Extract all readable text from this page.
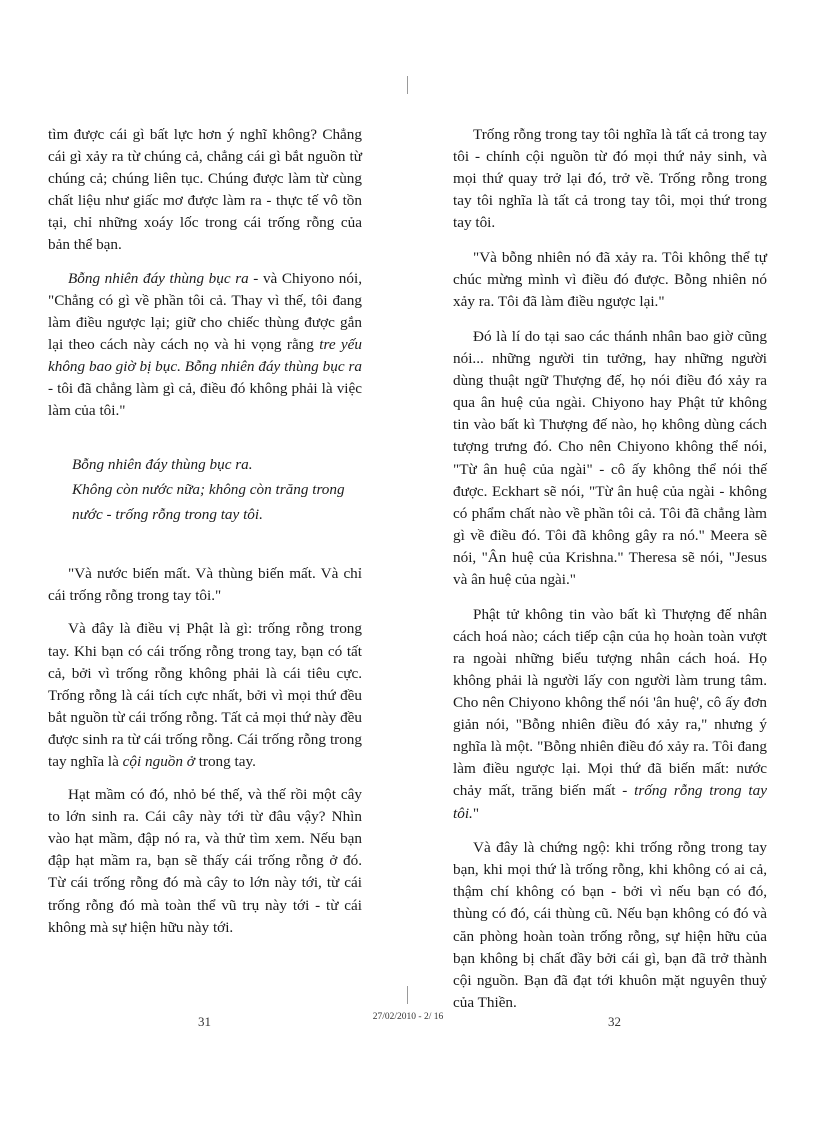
tìm được cái gì bất lực hơn ý nghĩ không? Chẳng cái gì xảy ra từ chúng cả, chẳng cái gì bắt nguồn từ chúng cả; chúng liên tục. Chúng được làm từ cùng chất liệu như giấc mơ được làm ra - thực tế vô tồn tại, chỉ những xoáy lốc trong cái trống rỗng của bản thể bạn.

Bỗng nhiên đáy thùng bục ra - và Chiyono nói, "Chẳng có gì về phần tôi cả. Thay vì thế, tôi đang làm điều ngược lại; giữ cho chiếc thùng được gắn lại theo cách này cách nọ và hi vọng rằng tre yếu không bao giờ bị bục. Bỗng nhiên đáy thùng bục ra - tôi đã chẳng làm gì cả, điều đó không phải là việc làm của tôi."

Bỗng nhiên đáy thùng bục ra.
Không còn nước nữa; không còn trăng trong
nước - trống rỗng trong tay tôi.

"Và nước biến mất. Và thùng biến mất. Và chỉ cái trống rỗng trong tay tôi."

Và đây là điều vị Phật là gì: trống rỗng trong tay. Khi bạn có cái trống rỗng trong tay, bạn có tất cả, bởi vì trống rỗng không phải là cái tiêu cực. Trống rỗng là cái tích cực nhất, bởi vì mọi thứ đều bắt nguồn từ cái trống rỗng. Tất cả mọi thứ này đều được sinh ra từ cái trống rỗng. Cái trống rỗng trong tay nghĩa là cội nguồn ở trong tay.

Hạt mầm có đó, nhỏ bé thế, và thế rồi một cây to lớn sinh ra. Cái cây này tới từ đâu vậy? Nhìn vào hạt mầm, đập nó ra, và thử tìm xem. Nếu bạn đập hạt mầm ra, bạn sẽ thấy cái trống rỗng ở đó. Từ cái trống rỗng đó mà cây to lớn này tới, từ cái trống rỗng đó mà toàn thể vũ trụ này tới - từ cái không mà sự hiện hữu này tới.

Trống rỗng trong tay tôi nghĩa là tất cả trong tay tôi - chính cội nguồn từ đó mọi thứ nảy sinh, và mọi thứ quay trở lại đó, trở về. Trống rỗng trong tay tôi nghĩa là tất cả trong tay tôi, mọi thứ trong tay tôi.

"Và bỗng nhiên nó đã xảy ra. Tôi không thể tự chúc mừng mình vì điều đó được. Bỗng nhiên nó xảy ra. Tôi đã làm điều ngược lại."

Đó là lí do tại sao các thánh nhân bao giờ cũng nói... những người tin tưởng, hay những người dùng thuật ngữ Thượng đế, họ nói điều đó xảy ra qua ân huệ của ngài. Chiyono hay Phật tử không tin vào bất kì Thượng đế nào, họ không dùng cách tượng trưng đó. Cho nên Chiyono không thể nói, "Từ ân huệ của ngài" - cô ấy không thể nói thế được. Eckhart sẽ nói, "Từ ân huệ của ngài - không có phẩm chất nào về phần tôi cả. Tôi đã chẳng làm gì về điều đó. Tôi đã không gây ra nó." Meera sẽ nói, "Ân huệ của Krishna." Theresa sẽ nói, "Jesus và ân huệ của ngài."

Phật tử không tin vào bất kì Thượng đế nhân cách hoá nào; cách tiếp cận của họ hoàn toàn vượt ra ngoài những biểu tượng nhân cách hoá. Họ không phải là người lấy con người làm trung tâm. Cho nên Chiyono không thể nói 'ân huệ', cô ấy đơn giản nói, "Bỗng nhiên điều đó xảy ra," nhưng ý nghĩa là một. "Bỗng nhiên điều đó xảy ra. Tôi đang làm điều ngược lại. Mọi thứ đã biến mất: nước chảy mất, trăng biến mất - trống rỗng trong tay tôi."

Và đây là chứng ngộ: khi trống rỗng trong tay bạn, khi mọi thứ là trống rỗng, khi không có ai cả, thậm chí không có bạn - bởi vì nếu bạn có đó, thùng có đó, cái thùng cũ. Nếu bạn không có đó và căn phòng hoàn toàn trống rỗng, sự hiện hữu của bạn không bị chất đầy bởi cái gì, bạn đã trở thành cội nguồn. Bạn đã đạt tới khuôn mặt nguyên thuỷ của Thiền.

31	27/02/2010 - 2/ 16	32
